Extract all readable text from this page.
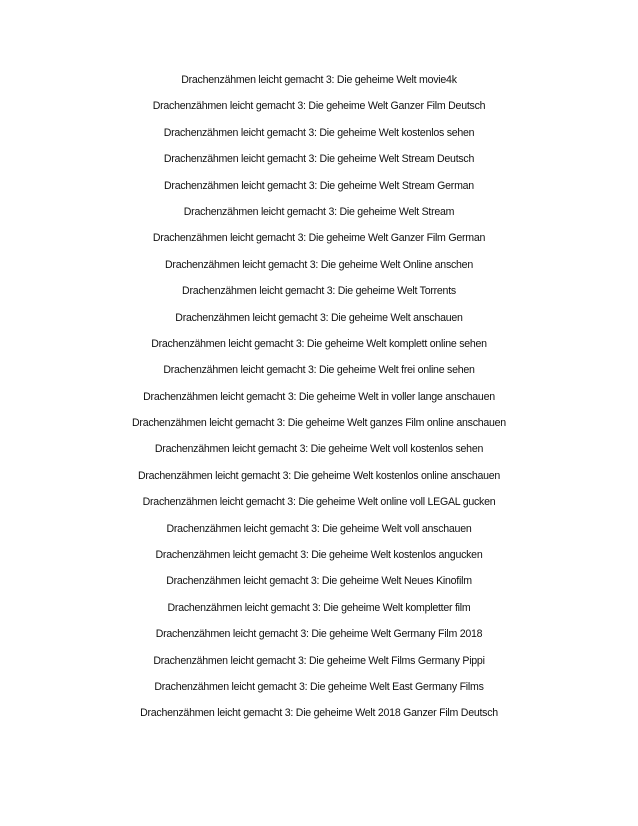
Drachenzähmen leicht gemacht 3: Die geheime Welt movie4k
Drachenzähmen leicht gemacht 3: Die geheime Welt Ganzer Film Deutsch
Drachenzähmen leicht gemacht 3: Die geheime Welt kostenlos sehen
Drachenzähmen leicht gemacht 3: Die geheime Welt Stream Deutsch
Drachenzähmen leicht gemacht 3: Die geheime Welt Stream German
Drachenzähmen leicht gemacht 3: Die geheime Welt Stream
Drachenzähmen leicht gemacht 3: Die geheime Welt Ganzer Film German
Drachenzähmen leicht gemacht 3: Die geheime Welt Online anschen
Drachenzähmen leicht gemacht 3: Die geheime Welt Torrents
Drachenzähmen leicht gemacht 3: Die geheime Welt anschauen
Drachenzähmen leicht gemacht 3: Die geheime Welt komplett online sehen
Drachenzähmen leicht gemacht 3: Die geheime Welt frei online sehen
Drachenzähmen leicht gemacht 3: Die geheime Welt in voller lange anschauen
Drachenzähmen leicht gemacht 3: Die geheime Welt ganzes Film online anschauen
Drachenzähmen leicht gemacht 3: Die geheime Welt voll kostenlos sehen
Drachenzähmen leicht gemacht 3: Die geheime Welt kostenlos online anschauen
Drachenzähmen leicht gemacht 3: Die geheime Welt online voll LEGAL gucken
Drachenzähmen leicht gemacht 3: Die geheime Welt voll anschauen
Drachenzähmen leicht gemacht 3: Die geheime Welt kostenlos angucken
Drachenzähmen leicht gemacht 3: Die geheime Welt Neues Kinofilm
Drachenzähmen leicht gemacht 3: Die geheime Welt kompletter film
Drachenzähmen leicht gemacht 3: Die geheime Welt Germany Film 2018
Drachenzähmen leicht gemacht 3: Die geheime Welt Films Germany Pippi
Drachenzähmen leicht gemacht 3: Die geheime Welt East Germany Films
Drachenzähmen leicht gemacht 3: Die geheime Welt 2018 Ganzer Film Deutsch
